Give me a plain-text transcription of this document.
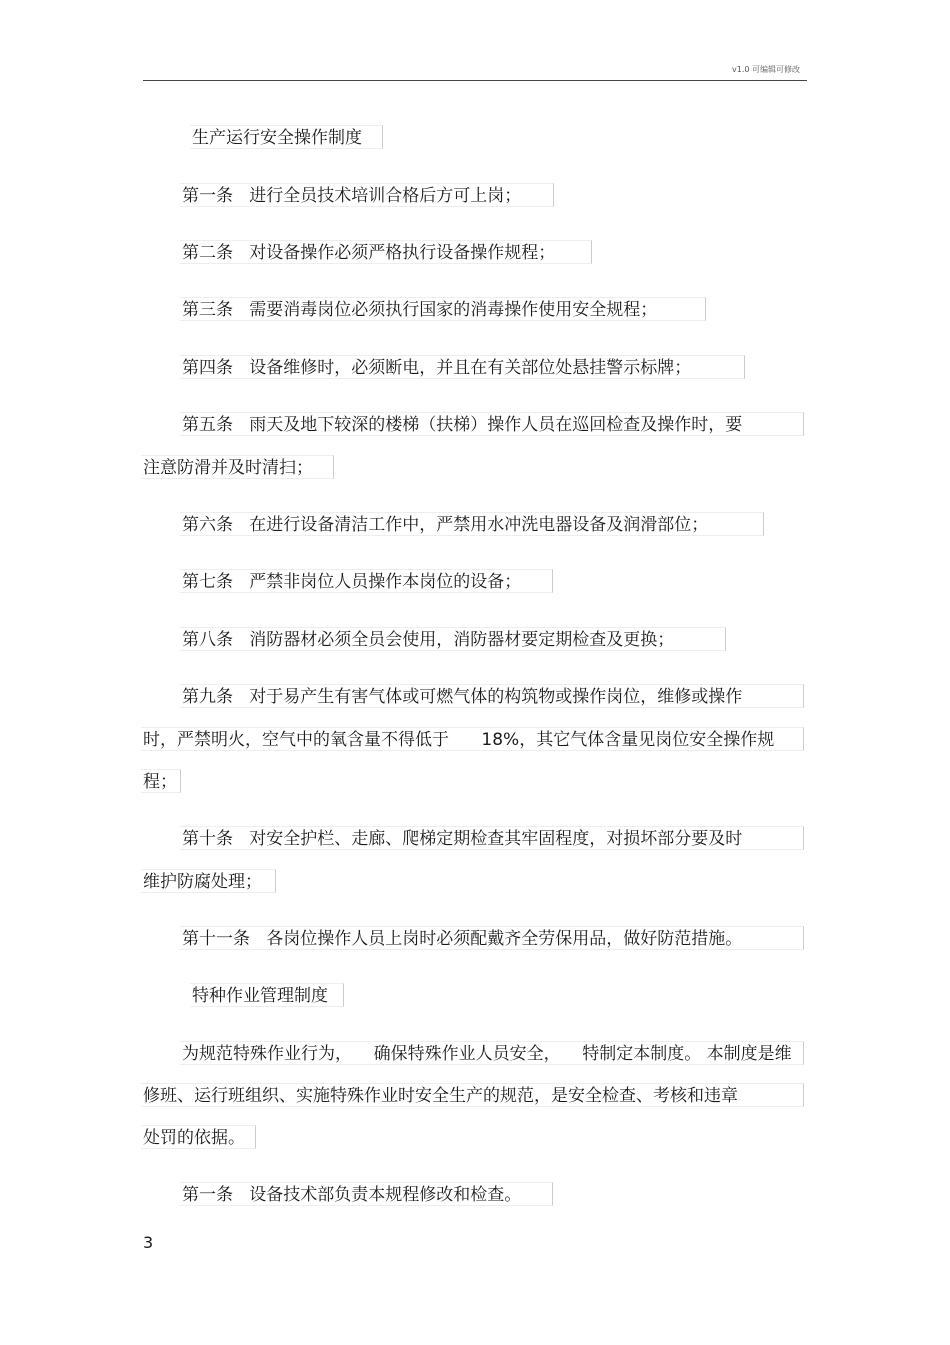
v1.0 可编辑可修改
生产运行安全操作制度
第一条   进行全员技术培训合格后方可上岗；
第二条   对设备操作必须严格执行设备操作规程；
第三条   需要消毒岗位必须执行国家的消毒操作使用安全规程；
第四条   设备维修时，必须断电，并且在有关部位处悬挂警示标牌；
第五条   雨天及地下较深的楼梯（扶梯）操作人员在巡回检查及操作时，要
注意防滑并及时清扫；
第六条   在进行设备清洁工作中，严禁用水冲洗电器设备及润滑部位；
第七条   严禁非岗位人员操作本岗位的设备；
第八条   消防器材必须全员会使用，消防器材要定期检查及更换；
第九条   对于易产生有害气体或可燃气体的构筑物或操作岗位，维修或操作
时，严禁明火，空气中的氧含量不得低于      18%，其它气体含量见岗位安全操作规
程；
第十条   对安全护栏、走廊、爬梯定期检查其牢固程度，对损坏部分要及时
维护防腐处理；
第十一条   各岗位操作人员上岗时必须配戴齐全劳保用品，做好防范措施。
特种作业管理制度
为规范特殊作业行为，    确保特殊作业人员安全，    特制定本制度。 本制度是维
修班、运行班组织、实施特殊作业时安全生产的规范，是安全检查、考核和违章
处罚的依据。
第一条   设备技术部负责本规程修改和检查。
3
